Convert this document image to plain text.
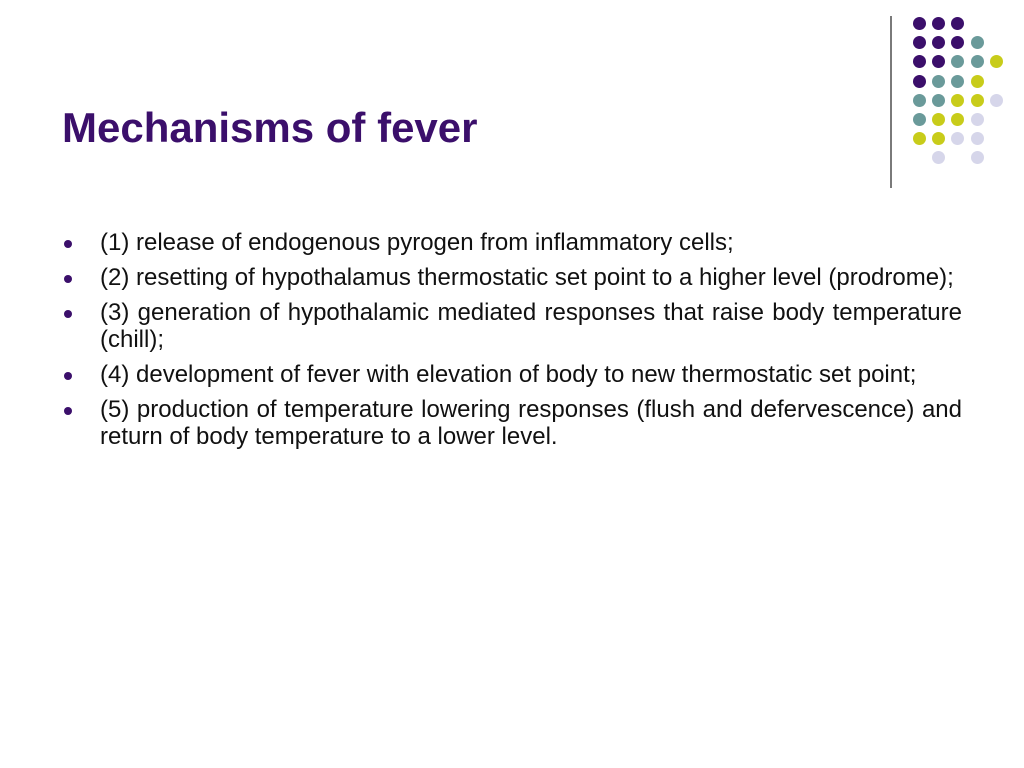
Mechanisms of fever
(1) release of endogenous pyrogen from inflammatory cells;
(2) resetting of hypothalamus thermostatic set point to a higher level (prodrome);
(3) generation of hypothalamic mediated responses that raise body temperature (chill);
(4) development of fever with elevation of body to new thermostatic set point;
(5) production of temperature lowering responses (flush and defervescence) and return of body temperature to a lower level.
